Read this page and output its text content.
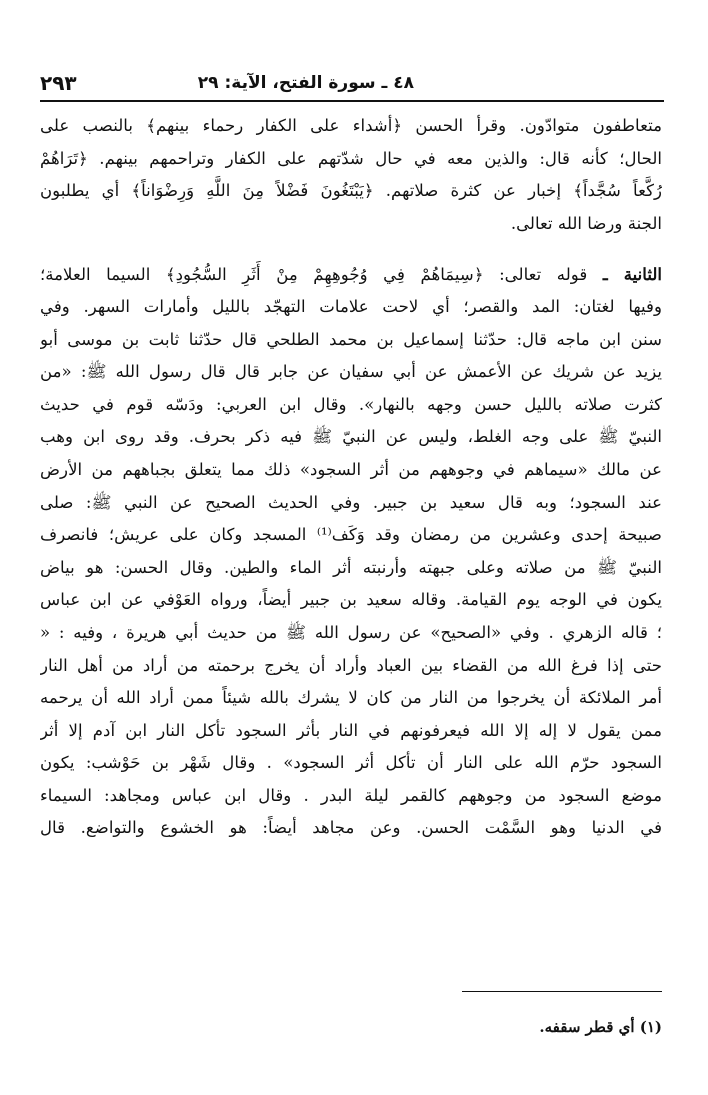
٤٨ ـ سورة الفتح، الآية: ٢٩
٢٩٣
متعاطفون متوادّون. وقرأ الحسن ﴿أشداء على الكفار رحماء بينهم﴾ بالنصب على
الحال؛ كأنه قال: والذين معه في حال شدّتهم على الكفار وتراحمهم بينهم. ﴿تَرَاهُمْ
رُكَّعاً سُجَّداً﴾ إخبار عن كثرة صلاتهم. ﴿يَبْتَغُونَ فَضْلاً مِنَ اللَّهِ وَرِضْوَاناً﴾ أي يطلبون
الجنة ورضا الله تعالى.
الثانية ـ قوله تعالى: ﴿سِيمَاهُمْ فِي وُجُوهِهِمْ مِنْ أَثَرِ السُّجُودِ﴾ السيما العلامة؛
وفيها لغتان: المد والقصر؛ أي لاحت علامات التهجّد بالليل وأمارات السهر. وفي
سنن ابن ماجه قال: حدّثنا إسماعيل بن محمد الطلحي قال حدّثنا ثابت بن موسى أبو
يزيد عن شريك عن الأعمش عن أبي سفيان عن جابر قال قال رسول الله ﷺ: «من
كثرت صلاته بالليل حسن وجهه بالنهار». وقال ابن العربي: ودَسّه قوم في حديث
النبيّ ﷺ على وجه الغلط، وليس عن النبيّ ﷺ فيه ذكر بحرف. وقد روى ابن وهب
عن مالك «سيماهم في وجوههم من أثر السجود» ذلك مما يتعلق بجباههم من الأرض
عند السجود؛ وبه قال سعيد بن جبير. وفي الحديث الصحيح عن النبي ﷺ: صلى
صبيحة إحدى وعشرين من رمضان وقد وَكَف⁽¹⁾ المسجد وكان على عريش؛ فانصرف
النبيّ ﷺ من صلاته وعلى جبهته وأرنبته أثر الماء والطين. وقال الحسن: هو بياض
يكون في الوجه يوم القيامة. وقاله سعيد بن جبير أيضاً، ورواه العَوْفي عن ابن عباس
؛ قاله الزهري . وفي «الصحيح» عن رسول الله ﷺ من حديث أبي هريرة ، وفيه : «
حتى إذا فرغ الله من القضاء بين العباد وأراد أن يخرج برحمته من أراد من أهل النار
أمر الملائكة أن يخرجوا من النار من كان لا يشرك بالله شيئاً ممن أراد الله أن يرحمه
ممن يقول لا إله إلا الله فيعرفونهم في النار بأثر السجود تأكل النار ابن آدم إلا أثر
السجود حرّم الله على النار أن تأكل أثر السجود» . وقال شَهْر بن حَوْشب: يكون
موضع السجود من وجوههم كالقمر ليلة البدر . وقال ابن عباس ومجاهد: السيماء
في الدنيا وهو السَّمْت الحسن. وعن مجاهد أيضاً: هو الخشوع والتواضع. قال
(١) أي قطر سقفه.
